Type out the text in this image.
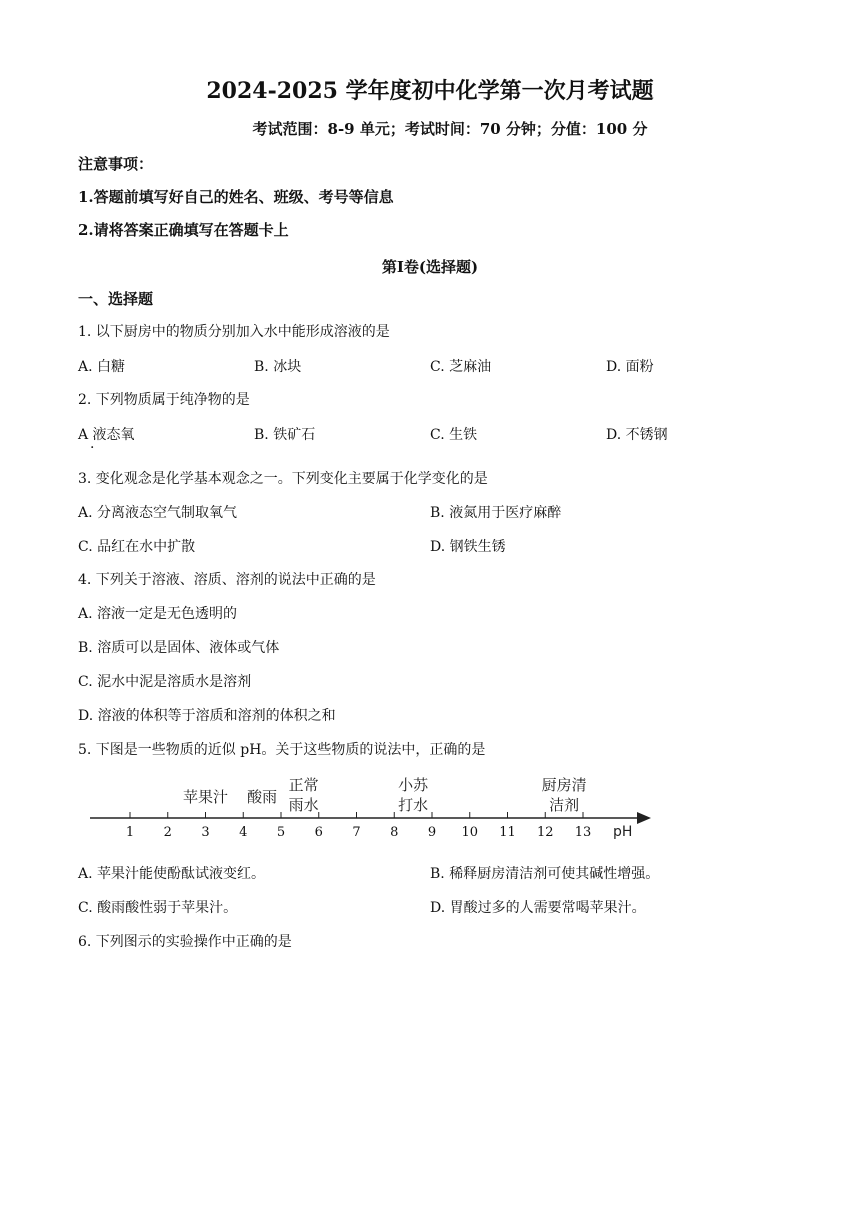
2024-2025 学年度初中化学第一次月考试题
考试范围：8-9 单元；考试时间：70 分钟；分值：100 分
注意事项：
1.答题前填写好自己的姓名、班级、考号等信息
2.请将答案正确填写在答题卡上
第Ⅰ卷(选择题)
一、选择题
1. 以下厨房中的物质分别加入水中能形成溶液的是
A. 白糖	B. 冰块	C. 芝麻油	D. 面粉
2. 下列物质属于纯净物的是
A 液态氧
·
B. 铁矿石	C. 生铁	D. 不锈钢
3. 变化观念是化学基本观念之一。下列变化主要属于化学变化的是
A. 分离液态空气制取氧气	B. 液氮用于医疗麻醉
C. 品红在水中扩散	D. 钢铁生锈
4. 下列关于溶液、溶质、溶剂的说法中正确的是
A. 溶液一定是无色透明的
B. 溶质可以是固体、液体或气体
C. 泥水中泥是溶质水是溶剂
D. 溶液的体积等于溶质和溶剂的体积之和
5. 下图是一些物质的近似 pH。关于这些物质的说法中，正确的是
1 2 3 4 5 6 7 8 9 10 11 12 13
苹果汁 酸雨
正常
雨水
小苏
打水
厨房清
洁剂
pH
A. 苹果汁能使酚酞试液变红。	B. 稀释厨房清洁剂可使其碱性增强。
C. 酸雨酸性弱于苹果汁。	D. 胃酸过多的人需要常喝苹果汁。
6. 下列图示的实验操作中正确的是
